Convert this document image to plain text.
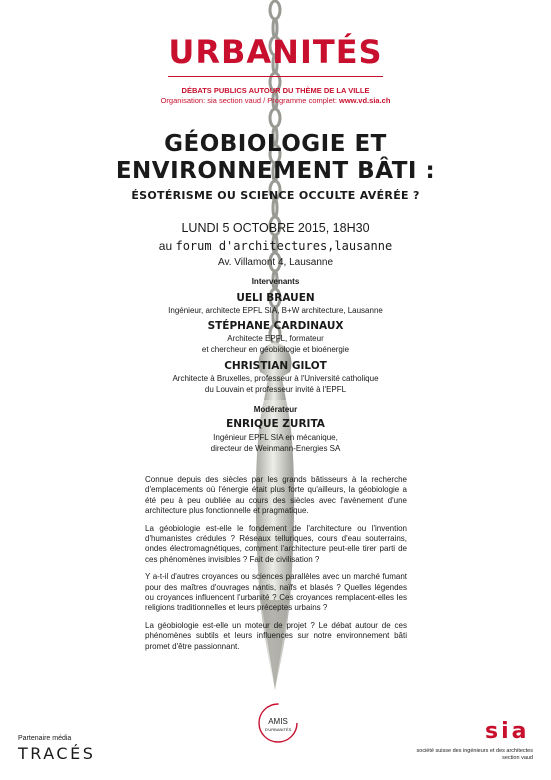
URBANITÉS
DÉBATS PUBLICS AUTOUR DU THÈME DE LA VILLE
Organisation: sia section vaud / Programme complet: www.vd.sia.ch
GÉOBIOLOGIE ET
ENVIRONNEMENT BÂTI :
ÉSOTÉRISME OU SCIENCE OCCULTE AVÉRÉE ?
LUNDI 5 OCTOBRE 2015, 18H30
au forum d'architectures,lausanne
Av. Villamont 4, Lausanne
Intervenants
UELI BRAUEN
Ingénieur, architecte EPFL SIA, B+W architecture, Lausanne
STÉPHANE CARDINAUX
Architecte EPFL, formateur
et chercheur en géobiologie et bioénergie
CHRISTIAN GILOT
Architecte à Bruxelles, professeur à l'Université catholique
du Louvain et professeur invité à l'EPFL
Modérateur
ENRIQUE ZURITA
Ingénieur EPFL SIA en mécanique,
directeur de Weinmann-Energies SA

Connue depuis des siècles par les grands bâtisseurs à la recherche d'emplacements où l'énergie était plus forte qu'ailleurs, la géobiologie a été peu à peu oubliée au cours des siècles avec l'avènement d'une architecture plus fonctionnelle et pragmatique.

La géobiologie est-elle le fondement de l'architecture ou l'invention d'humanistes crédules ? Réseaux telluriques, cours d'eau souterrains, ondes électromagnétiques, comment l'architecture peut-elle tirer parti de ces phénomènes invisibles ? Fait de civilisation ?

Y a-t-il d'autres croyances ou sciences parallèles avec un marché fumant pour des maîtres d'ouvrages nantis, naïfs et blasés ? Quelles légendes ou croyances influencent l'urbanité ? Ces croyances remplacent-elles les religions traditionnelles et leurs préceptes urbains ?

La géobiologie est-elle un moteur de projet ? Le débat autour de ces phénomènes subtils et leurs influences sur notre environnement bâti promet d'être passionnant.

Partenaire média
TRACÉS
AMIS
D'URBANITÉS	sia
société suisse des ingénieurs et des architectes
section vaud
